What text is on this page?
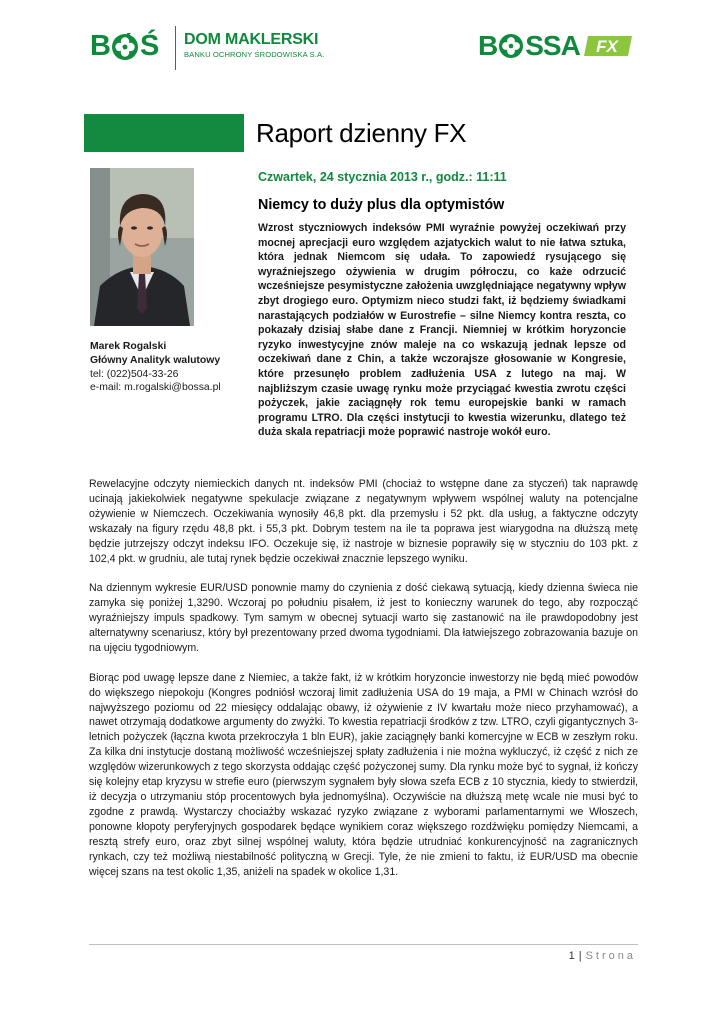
B Ś DOM MAKLERSKI
BANKU OCHRONY ŚRODOWISKA S.A.	B SSA FX
Raport dzienny FX
Marek Rogalski
Główny Analityk walutowy
tel: (022)504-33-26
e-mail: m.rogalski@bossa.pl
Czwartek, 24 stycznia 2013 r., godz.: 11:11
Niemcy to duży plus dla optymistów

Wzrost styczniowych indeksów PMI wyraźnie powyżej oczekiwań przy mocnej aprecjacji euro względem azjatyckich walut to nie łatwa sztuka, która jednak Niemcom się udała. To zapowiedź rysującego się wyraźniejszego ożywienia w drugim półroczu, co każe odrzucić wcześniejsze pesymistyczne założenia uwzględniające negatywny wpływ zbyt drogiego euro. Optymizm nieco studzi fakt, iż będziemy świadkami narastających podziałów w Eurostrefie – silne Niemcy kontra reszta, co pokazały dzisiaj słabe dane z Francji. Niemniej w krótkim horyzoncie ryzyko inwestycyjne znów maleje na co wskazują jednak lepsze od oczekiwań dane z Chin, a także wczorajsze głosowanie w Kongresie, które przesunęło problem zadłużenia USA z lutego na maj. W najbliższym czasie uwagę rynku może przyciągać kwestia zwrotu części pożyczek, jakie zaciągnęły rok temu europejskie banki w ramach programu LTRO. Dla części instytucji to kwestia wizerunku, dlatego też duża skala repatriacji może poprawić nastroje wokół euro.

Rewelacyjne odczyty niemieckich danych nt. indeksów PMI (chociaż to wstępne dane za styczeń) tak naprawdę ucinają jakiekolwiek negatywne spekulacje związane z negatywnym wpływem wspólnej waluty na potencjalne ożywienie w Niemczech. Oczekiwania wynosiły 46,8 pkt. dla przemysłu i 52 pkt. dla usług, a faktyczne odczyty wskazały na figury rzędu 48,8 pkt. i 55,3 pkt. Dobrym testem na ile ta poprawa jest wiarygodna na dłuższą metę będzie jutrzejszy odczyt indeksu IFO. Oczekuje się, iż nastroje w biznesie poprawiły się w styczniu do 103 pkt. z 102,4 pkt. w grudniu, ale tutaj rynek będzie oczekiwał znacznie lepszego wyniku.

Na dziennym wykresie EUR/USD ponownie mamy do czynienia z dość ciekawą sytuacją, kiedy dzienna świeca nie zamyka się poniżej 1,3290. Wczoraj po południu pisałem, iż jest to konieczny warunek do tego, aby rozpocząć wyraźniejszy impuls spadkowy. Tym samym w obecnej sytuacji warto się zastanowić na ile prawdopodobny jest alternatywny scenariusz, który był prezentowany przed dwoma tygodniami. Dla łatwiejszego zobrazowania bazuje on na ujęciu tygodniowym.

Biorąc pod uwagę lepsze dane z Niemiec, a także fakt, iż w krótkim horyzoncie inwestorzy nie będą mieć powodów do większego niepokoju (Kongres podniósł wczoraj limit zadłużenia USA do 19 maja, a PMI w Chinach wzrósł do najwyższego poziomu od 22 miesięcy oddalając obawy, iż ożywienie z IV kwartału może nieco przyhamować), a nawet otrzymają dodatkowe argumenty do zwyżki. To kwestia repatriacji środków z tzw. LTRO, czyli gigantycznych 3-letnich pożyczek (łączna kwota przekroczyła 1 bln EUR), jakie zaciągnęły banki komercyjne w ECB w zeszłym roku. Za kilka dni instytucje dostaną możliwość wcześniejszej spłaty zadłużenia i nie można wykluczyć, iż część z nich ze względów wizerunkowych z tego skorzysta oddając część pożyczonej sumy. Dla rynku może być to sygnał, iż kończy się kolejny etap kryzysu w strefie euro (pierwszym sygnałem były słowa szefa ECB z 10 stycznia, kiedy to stwierdził, iż decyzja o utrzymaniu stóp procentowych była jednomyślna). Oczywiście na dłuższą metę wcale nie musi być to zgodne z prawdą. Wystarczy chociażby wskazać ryzyko związane z wyborami parlamentarnymi we Włoszech, ponowne kłopoty peryferyjnych gospodarek będące wynikiem coraz większego rozdźwięku pomiędzy Niemcami, a resztą strefy euro, oraz zbyt silnej wspólnej waluty, która będzie utrudniać konkurencyjność na zagranicznych rynkach, czy też możliwą niestabilność polityczną w Grecji. Tyle, że nie zmieni to faktu, iż EUR/USD ma obecnie więcej szans na test okolic 1,35, aniżeli na spadek w okolice 1,31.

1 | Strona
